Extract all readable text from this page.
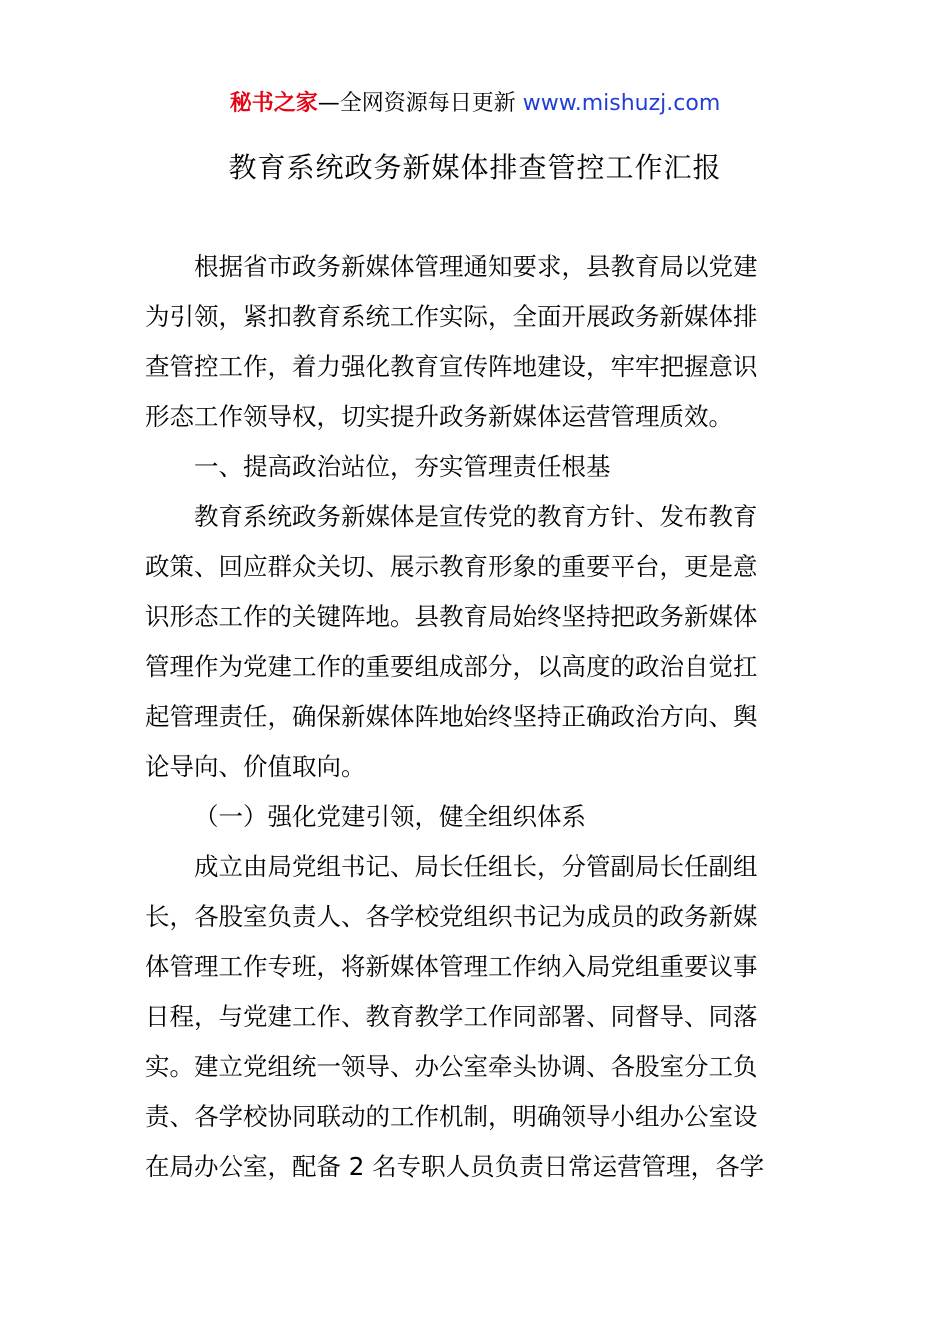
秘书之家—全网资源每日更新 www.mishuzj.com
教育系统政务新媒体排查管控工作汇报
根据省市政务新媒体管理通知要求，县教育局以党建
为引领，紧扣教育系统工作实际，全面开展政务新媒体排
查管控工作，着力强化教育宣传阵地建设，牢牢把握意识
形态工作领导权，切实提升政务新媒体运营管理质效。
一、提高政治站位，夯实管理责任根基
教育系统政务新媒体是宣传党的教育方针、发布教育
政策、回应群众关切、展示教育形象的重要平台，更是意
识形态工作的关键阵地。县教育局始终坚持把政务新媒体
管理作为党建工作的重要组成部分，以高度的政治自觉扛
起管理责任，确保新媒体阵地始终坚持正确政治方向、舆
论导向、价值取向。
（一）强化党建引领，健全组织体系
成立由局党组书记、局长任组长，分管副局长任副组
长，各股室负责人、各学校党组织书记为成员的政务新媒
体管理工作专班，将新媒体管理工作纳入局党组重要议事
日程，与党建工作、教育教学工作同部署、同督导、同落
实。建立党组统一领导、办公室牵头协调、各股室分工负
责、各学校协同联动的工作机制，明确领导小组办公室设
在局办公室，配备 2 名专职人员负责日常运营管理，各学
